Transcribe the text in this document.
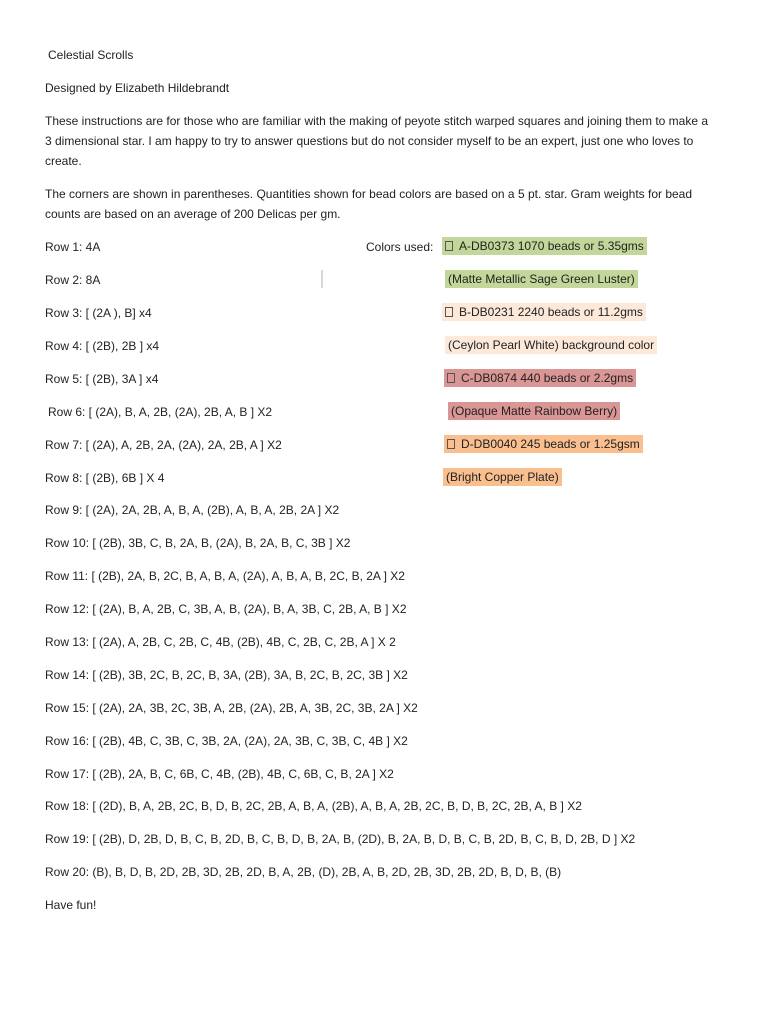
Celestial Scrolls
Designed by Elizabeth Hildebrandt
These instructions are for those who are familiar with the making of peyote stitch warped squares and joining them to make a 3 dimensional star. I am happy to try to answer questions but do not consider myself to be an expert, just one who loves to create.
The corners are shown in parentheses. Quantities shown for bead colors are based on a 5 pt. star. Gram weights for bead counts are based on an average of 200 Delicas per gm.
Colors used:	A-DB0373 1070 beads or 5.35gms
(Matte Metallic Sage Green Luster)
B-DB0231 2240 beads or 11.2gms
(Ceylon Pearl White) background color
C-DB0874 440 beads or 2.2gms
(Opaque Matte Rainbow Berry)
D-DB0040 245 beads or 1.25gsm
(Bright Copper Plate)
Row 1: 4A
Row 2: 8A
Row 3: [ (2A ), B] x4
Row 4: [ (2B), 2B ] x4
Row 5: [ (2B), 3A ] x4
Row 6: [ (2A), B, A, 2B, (2A), 2B, A, B ] X2
Row 7: [ (2A), A, 2B, 2A, (2A), 2A, 2B, A ] X2
Row 8: [ (2B), 6B ] X 4
Row 9: [ (2A), 2A, 2B, A, B, A, (2B), A, B, A, 2B, 2A ] X2
Row 10: [ (2B), 3B, C, B, 2A, B, (2A), B, 2A, B, C, 3B ] X2
Row 11: [ (2B), 2A, B, 2C, B, A, B, A, (2A), A, B, A, B, 2C, B, 2A ] X2
Row 12: [ (2A), B, A, 2B, C, 3B, A, B, (2A), B, A, 3B, C, 2B, A, B ] X2
Row 13: [ (2A), A, 2B, C, 2B, C, 4B, (2B), 4B, C, 2B, C, 2B, A ] X 2
Row 14: [ (2B), 3B, 2C, B, 2C, B, 3A, (2B), 3A, B, 2C, B, 2C, 3B ] X2
Row 15: [ (2A), 2A, 3B, 2C, 3B, A, 2B, (2A), 2B, A, 3B, 2C, 3B, 2A ] X2
Row 16: [ (2B), 4B, C, 3B, C, 3B, 2A, (2A), 2A, 3B, C, 3B, C, 4B ] X2
Row 17: [ (2B), 2A, B, C, 6B, C, 4B, (2B), 4B, C, 6B, C, B, 2A ] X2
Row 18: [ (2D), B, A, 2B, 2C, B, D, B, 2C, 2B, A, B, A, (2B), A, B, A, 2B, 2C, B, D, B, 2C, 2B, A, B ] X2
Row 19: [ (2B), D, 2B, D, B, C, B, 2D, B, C, B, D, B, 2A, B, (2D), B, 2A, B, D, B, C, B, 2D, B, C, B, D, 2B, D ] X2
Row 20: (B), B, D, B, 2D, 2B, 3D, 2B, 2D, B, A, 2B, (D), 2B, A, B, 2D, 2B, 3D, 2B, 2D, B, D, B, (B)
Have fun!
